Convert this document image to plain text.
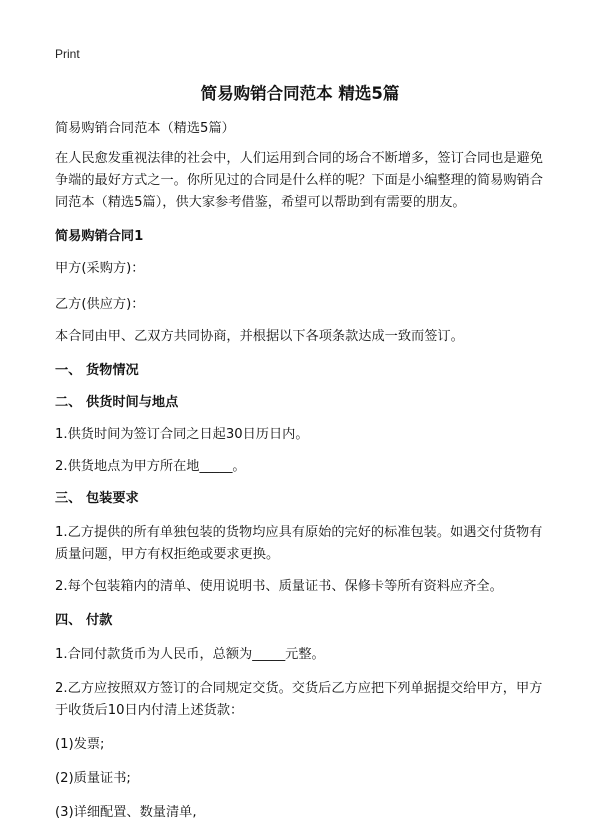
Print
简易购销合同范本 精选5篇

简易购销合同范本（精选5篇）

在人民愈发重视法律的社会中，人们运用到合同的场合不断增多，签订合同也是避免争端的最好方式之一。你所见过的合同是什么样的呢？下面是小编整理的简易购销合同范本（精选5篇），供大家参考借鉴，希望可以帮助到有需要的朋友。

简易购销合同1

甲方(采购方)：

乙方(供应方)：

本合同由甲、乙双方共同协商，并根据以下各项条款达成一致而签订。

一、 货物情况

二、 供货时间与地点

1.供货时间为签订合同之日起30日历日内。

2.供货地点为甲方所在地_____。

三、 包装要求

1.乙方提供的所有单独包装的货物均应具有原始的完好的标准包装。如遇交付货物有质量问题，甲方有权拒绝或要求更换。

2.每个包装箱内的清单、使用说明书、质量证书、保修卡等所有资料应齐全。

四、 付款

1.合同付款货币为人民币，总额为_____元整。

2.乙方应按照双方签订的合同规定交货。交货后乙方应把下列单据提交给甲方，甲方于收货后10日内付清上述货款：

(1)发票;

(2)质量证书;

(3)详细配置、数量清单,
